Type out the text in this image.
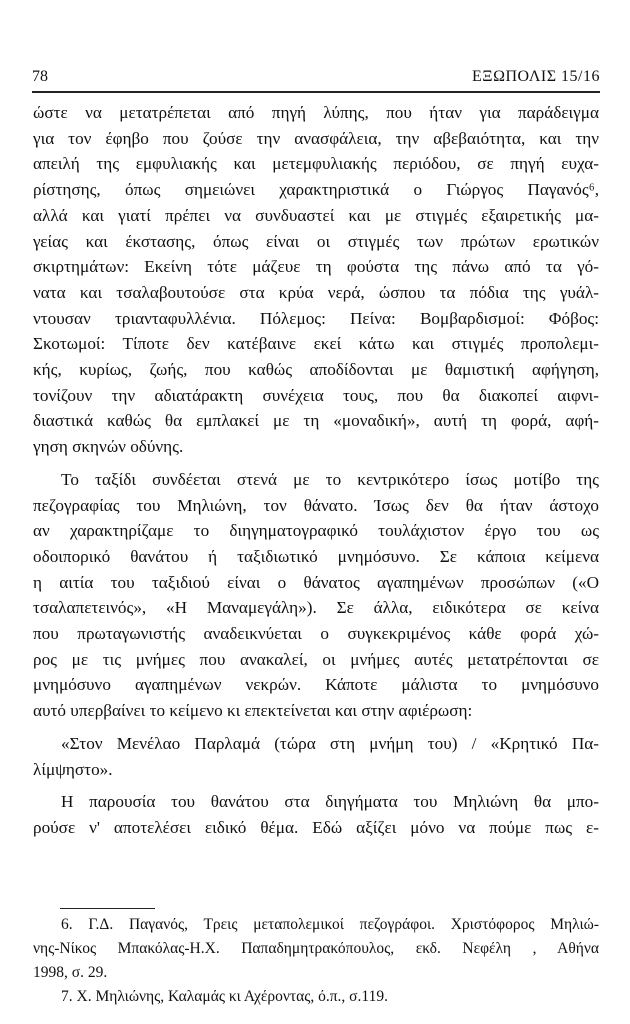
78	ΕΞΩΠΟΛΙΣ 15/16

ώστε να μετατρέπεται από πηγή λύπης, που ήταν για παράδειγμα
για τον έφηβο που ζούσε την ανασφάλεια, την αβεβαιότητα, και την
απειλή της εμφυλιακής και μετεμφυλιακής περιόδου, σε πηγή ευχα-
ρίστησης, όπως σημειώνει χαρακτηριστικά ο Γιώργος Παγανός⁶,
αλλά και γιατί πρέπει να συνδυαστεί και με στιγμές εξαιρετικής μα-
γείας και έκστασης, όπως είναι οι στιγμές των πρώτων ερωτικών
σκιρτημάτων: Εκείνη τότε μάζευε τη φούστα της πάνω από τα γό-
νατα και τσαλαβουτούσε στα κρύα νερά, ώσπου τα πόδια της γυάλ-
ντουσαν τριανταφυλλένια. Πόλεμος: Πείνα: Βομβαρδισμοί: Φόβος:
Σκοτωμοί: Τίποτε δεν κατέβαινε εκεί κάτω και στιγμές προπολεμι-
κής, κυρίως, ζωής, που καθώς αποδίδονται με θαμιστική αφήγηση,
τονίζουν την αδιατάρακτη συνέχεια τους, που θα διακοπεί αιφνι-
διαστικά καθώς θα εμπλακεί με τη «μοναδική», αυτή τη φορά, αφή-
γηση σκηνών οδύνης.

Το ταξίδι συνδέεται στενά με το κεντρικότερο ίσως μοτίβο της
πεζογραφίας του Μηλιώνη, τον θάνατο. Ίσως δεν θα ήταν άστοχο
αν χαρακτηρίζαμε το διηγηματογραφικό τουλάχιστον έργο του ως
οδοιπορικό θανάτου ή ταξιδιωτικό μνημόσυνο. Σε κάποια κείμενα
η αιτία του ταξιδιού είναι ο θάνατος αγαπημένων προσώπων («Ο
τσαλαπετεινός», «Η Μαναμεγάλη»). Σε άλλα, ειδικότερα σε κείνα
που πρωταγωνιστής αναδεικνύεται ο συγκεκριμένος κάθε φορά χώ-
ρος με τις μνήμες που ανακαλεί, οι μνήμες αυτές μετατρέπονται σε
μνημόσυνο αγαπημένων νεκρών. Κάποτε μάλιστα το μνημόσυνο
αυτό υπερβαίνει το κείμενο κι επεκτείνεται και στην αφιέρωση:

«Στον Μενέλαο Παρλαμά (τώρα στη μνήμη του) / «Κρητικό Πα-
λίμψηστο».

Η παρουσία του θανάτου στα διηγήματα του Μηλιώνη θα μπο-
ρούσε ν' αποτελέσει ειδικό θέμα. Εδώ αξίζει μόνο να πούμε πως ε-

6. Γ.Δ. Παγανός, Τρεις μεταπολεμικοί πεζογράφοι. Χριστόφορος Μηλιώ-
νης-Νίκος Μπακόλας-Η.Χ. Παπαδημητρακόπουλος, εκδ. Νεφέλη , Αθήνα
1998, σ. 29.

7. Χ. Μηλιώνης, Καλαμάς κι Αχέροντας, ό.π., σ.119.
